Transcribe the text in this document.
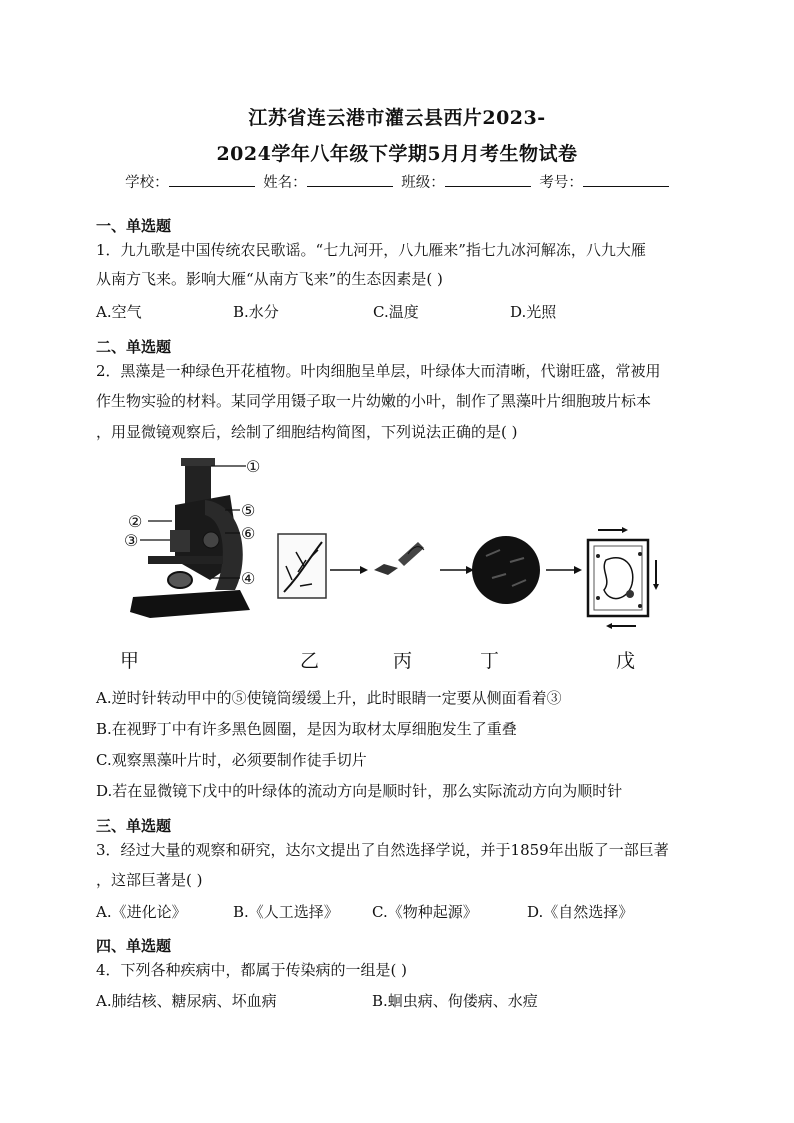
江苏省连云港市灌云县西片2023-
2024学年八年级下学期5月月考生物试卷
学校：	姓名：	班级：	考号：
一、单选题
1．九九歌是中国传统农民歌谣。“七九河开，八九雁来”指七九冰河解冻，八九大雁
从南方飞来。影响大雁“从南方飞来”的生态因素是( )
A.空气	B.水分	C.温度	D.光照
二、单选题
2．黑藻是一种绿色开花植物。叶肉细胞呈单层，叶绿体大而清晰，代谢旺盛，常被用
作生物实验的材料。某同学用镊子取一片幼嫩的小叶，制作了黑藻叶片细胞玻片标本
，用显微镜观察后，绘制了细胞结构简图，下列说法正确的是( )
①
⑤
⑥
④
②
③
甲	乙	丙	丁	戊
A.逆时针转动甲中的⑤使镜筒缓缓上升，此时眼睛一定要从侧面看着③
B.在视野丁中有许多黑色圆圈，是因为取材太厚细胞发生了重叠
C.观察黑藻叶片时，必须要制作徒手切片
D.若在显微镜下戊中的叶绿体的流动方向是顺时针，那么实际流动方向为顺时针
三、单选题
3．经过大量的观察和研究，达尔文提出了自然选择学说，并于1859年出版了一部巨著
，这部巨著是( )
A.《进化论》	B.《人工选择》 C.《物种起源》	D.《自然选择》
四、单选题
4．下列各种疾病中，都属于传染病的一组是( )
A.肺结核、糖尿病、坏血病	B.蛔虫病、佝偻病、水痘
